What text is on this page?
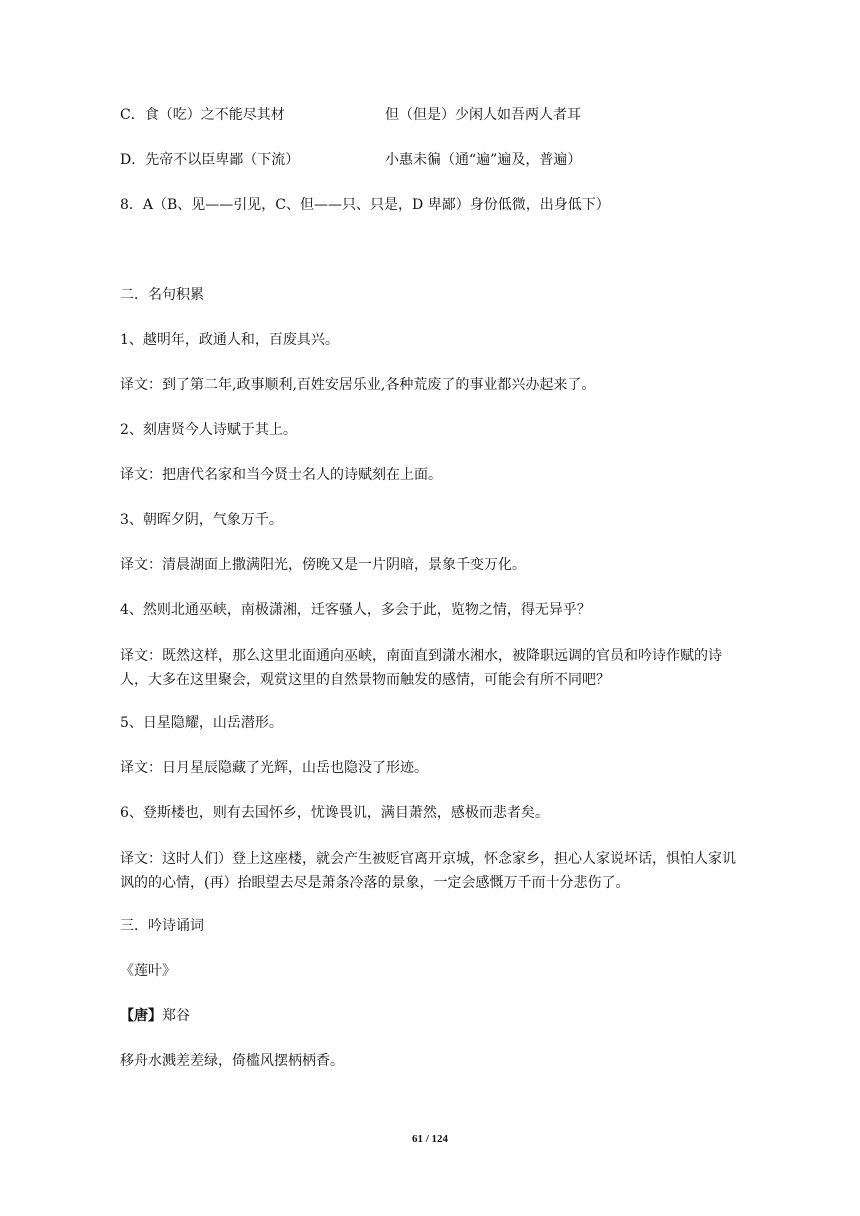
C．食（吃）之不能尽其材	但（但是）少闲人如吾两人者耳
D．先帝不以臣卑鄙（下流）	小惠未徧（通“遍”遍及，普遍）
8．A（B、见——引见，C、但——只、只是，D 卑鄙）身份低微，出身低下）
二．名句积累
1、越明年，政通人和，百废具兴。
译文：到了第二年,政事顺利,百姓安居乐业,各种荒废了的事业都兴办起来了。
2、刻唐贤今人诗赋于其上。
译文：把唐代名家和当今贤士名人的诗赋刻在上面。
3、朝晖夕阴，气象万千。
译文：清晨湖面上撒满阳光，傍晚又是一片阴暗，景象千变万化。
4、然则北通巫峡，南极潇湘，迁客骚人，多会于此，览物之情，得无异乎？
译文：既然这样，那么这里北面通向巫峡，南面直到潇水湘水，被降职远调的官员和吟诗作赋的诗人，大多在这里聚会，观赏这里的自然景物而触发的感情，可能会有所不同吧？
5、日星隐耀，山岳潜形。
译文：日月星辰隐藏了光辉，山岳也隐没了形迹。
6、登斯楼也，则有去国怀乡，忧谗畏讥，满目萧然，感极而悲者矣。
译文：这时人们）登上这座楼，就会产生被贬官离开京城，怀念家乡，担心人家说坏话，惧怕人家讥讽的的心情，(再）抬眼望去尽是萧条冷落的景象，一定会感慨万千而十分悲伤了。
三．吟诗诵词
《莲叶》
【唐】郑谷
移舟水溅差差绿，倚槛风摆柄柄香。
61 / 124
